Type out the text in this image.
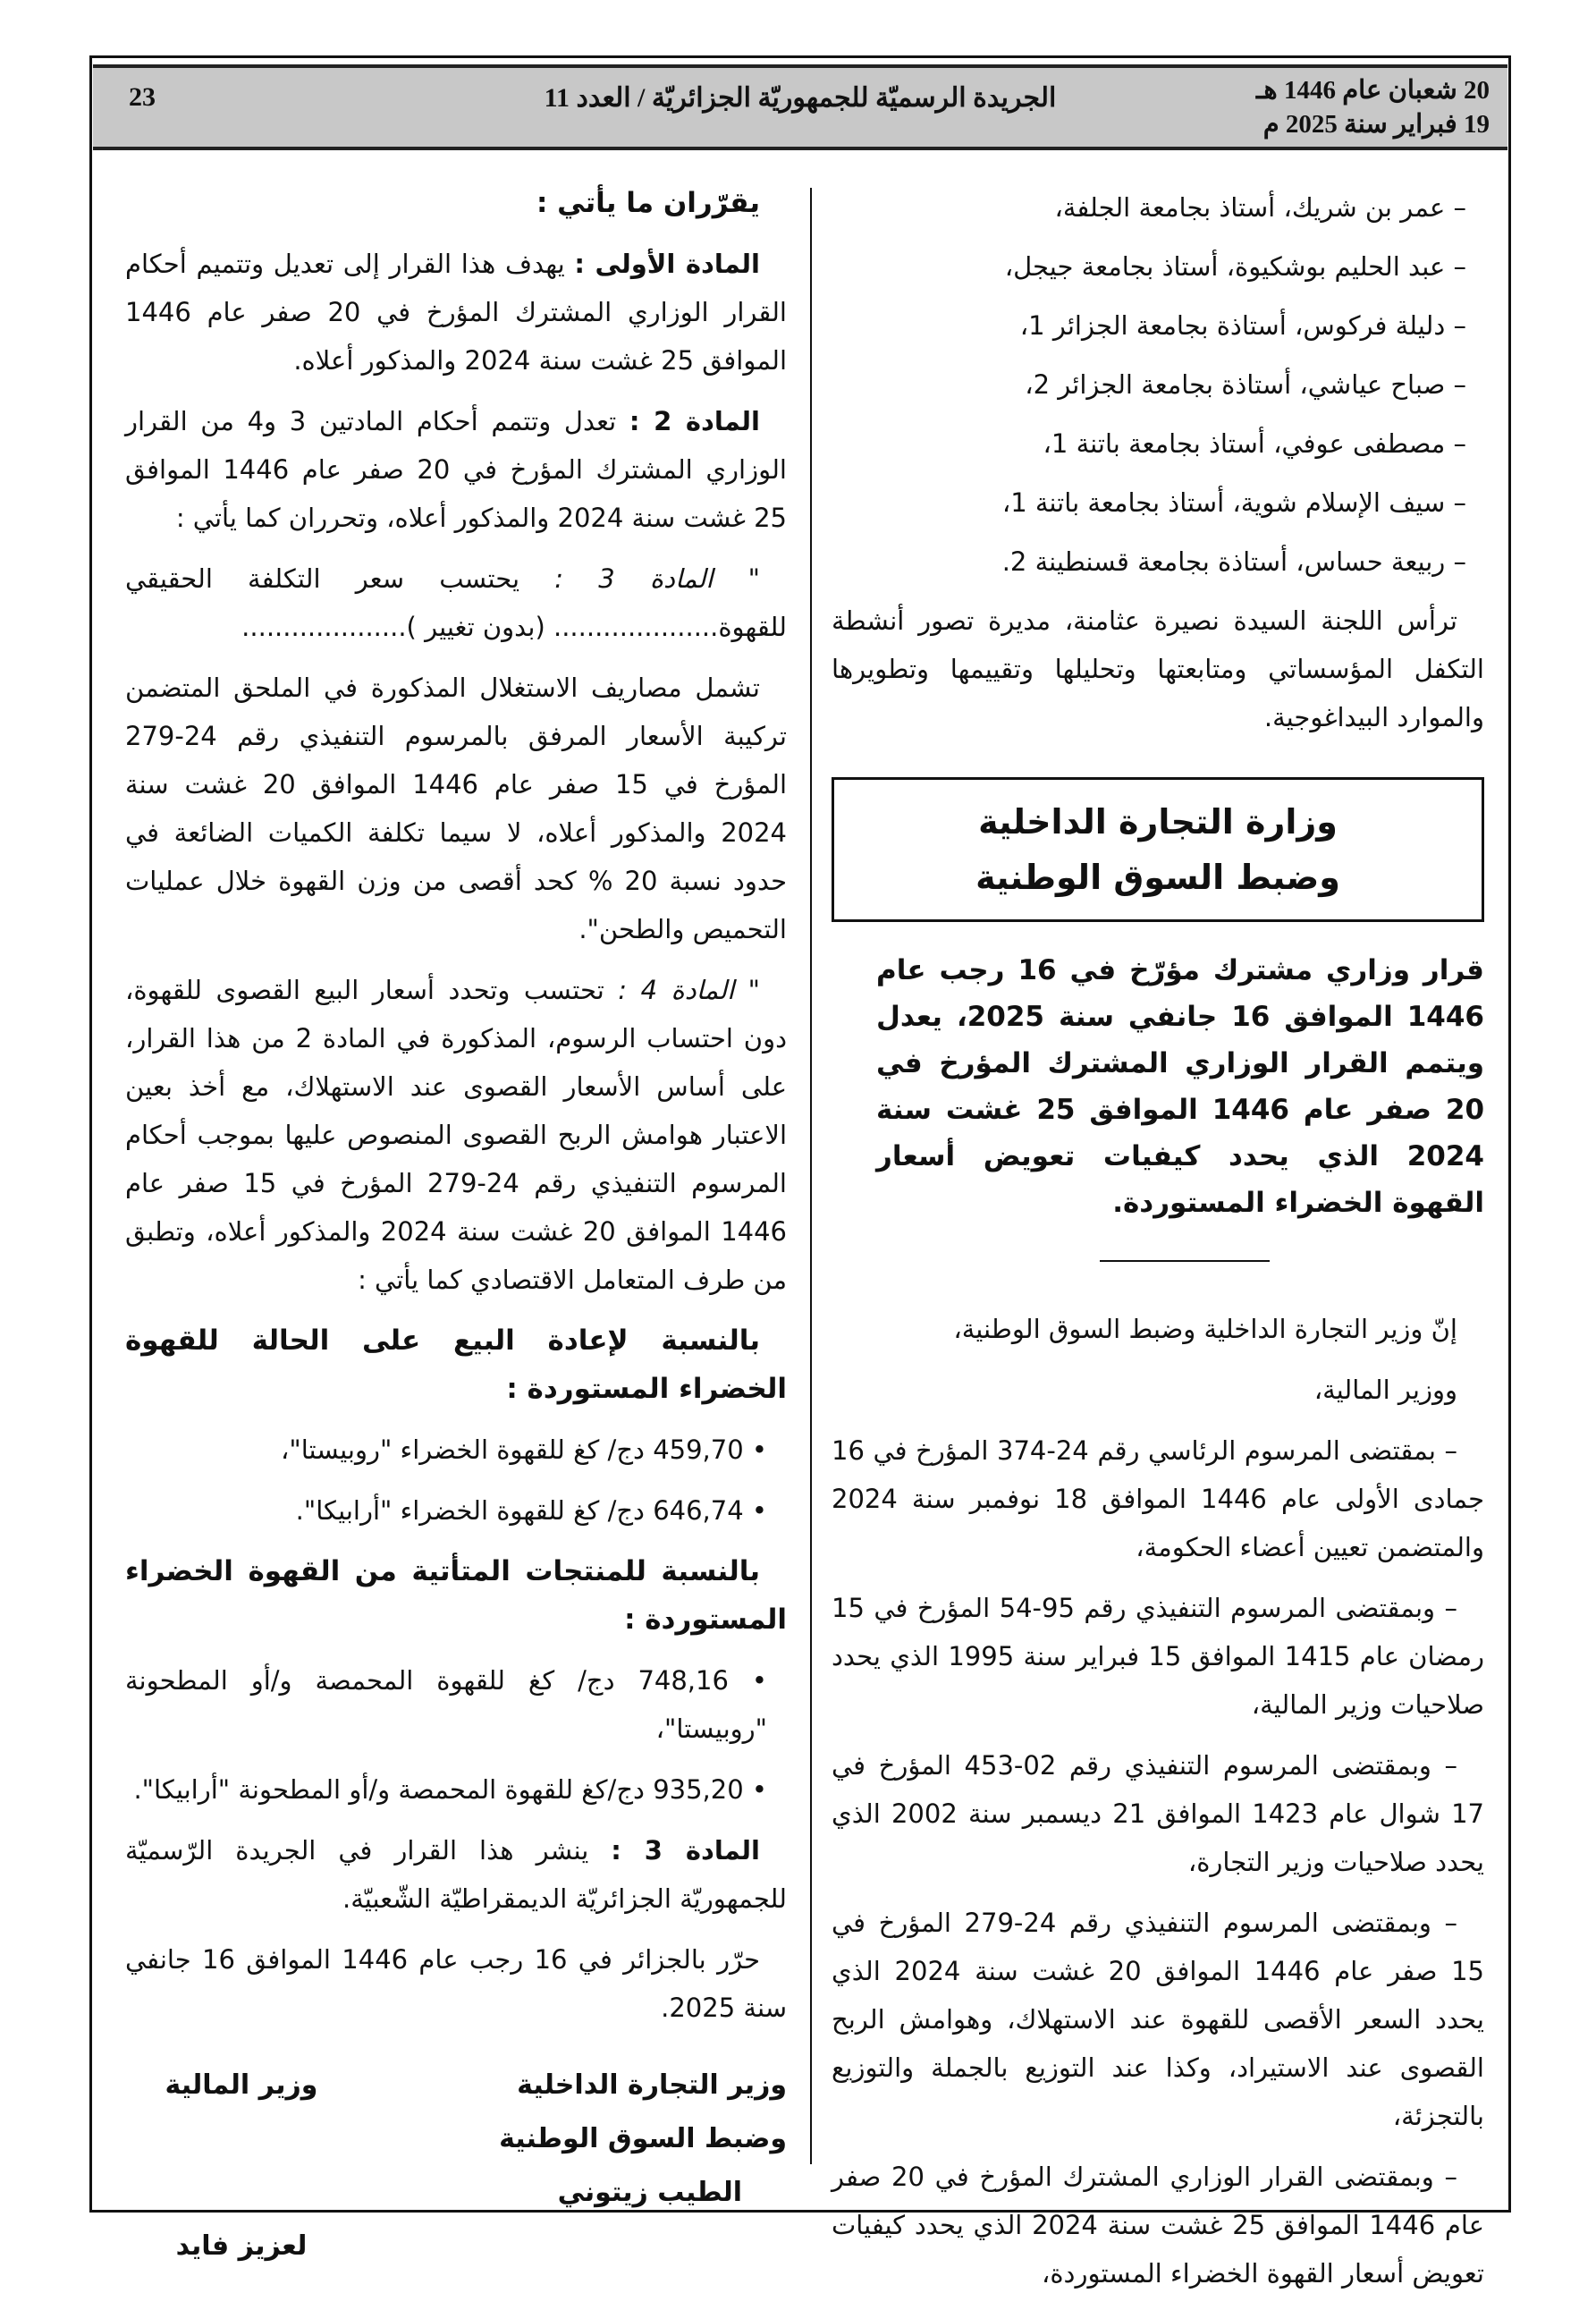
23	الجريدة الرسميّة للجمهوريّة الجزائريّة / العدد 11	20 شعبان عام 1446 هـ
19 فبراير سنة 2025 م

– عمر بن شريك، أستاذ بجامعة الجلفة،

– عبد الحليم بوشكيوة، أستاذ بجامعة جيجل،

– دليلة فركوس، أستاذة بجامعة الجزائر 1،

– صباح عياشي، أستاذة بجامعة الجزائر 2،

– مصطفى عوفي، أستاذ بجامعة باتنة 1،

– سيف الإسلام شوية، أستاذ بجامعة باتنة 1،

– ربيعة حساس، أستاذة بجامعة قسنطينة 2.

ترأس اللجنة السيدة نصيرة عثامنة، مديرة تصور أنشطة التكفل المؤسساتي ومتابعتها وتحليلها وتقييمها وتطويرها والموارد البيداغوجية.

وزارة التجارة الداخلية
وضبط السوق الوطنية

قرار وزاري مشترك مؤرّخ في 16 رجب عام 1446 الموافق 16 جانفي سنة 2025، يعدل ويتمم القرار الوزاري المشترك المؤرخ في 20 صفر عام 1446 الموافق 25 غشت سنة 2024 الذي يحدد كيفيات تعويض أسعار القهوة الخضراء المستوردة.

إنّ وزير التجارة الداخلية وضبط السوق الوطنية،

ووزير المالية،

– بمقتضى المرسوم الرئاسي رقم 24-374 المؤرخ في 16 جمادى الأولى عام 1446 الموافق 18 نوفمبر سنة 2024 والمتضمن تعيين أعضاء الحكومة،

– وبمقتضى المرسوم التنفيذي رقم 95-54 المؤرخ في 15 رمضان عام 1415 الموافق 15 فبراير سنة 1995 الذي يحدد صلاحيات وزير المالية،

– وبمقتضى المرسوم التنفيذي رقم 02-453 المؤرخ في 17 شوال عام 1423 الموافق 21 ديسمبر سنة 2002 الذي يحدد صلاحيات وزير التجارة،

– وبمقتضى المرسوم التنفيذي رقم 24-279 المؤرخ في 15 صفر عام 1446 الموافق 20 غشت سنة 2024 الذي يحدد السعر الأقصى للقهوة عند الاستهلاك، وهوامش الربح القصوى عند الاستيراد، وكذا عند التوزيع بالجملة والتوزيع بالتجزئة،

– وبمقتضى القرار الوزاري المشترك المؤرخ في 20 صفر عام 1446 الموافق 25 غشت سنة 2024 الذي يحدد كيفيات تعويض أسعار القهوة الخضراء المستوردة،

يقرّران ما يأتي :

المادة الأولى : يهدف هذا القرار إلى تعديل وتتميم أحكام القرار الوزاري المشترك المؤرخ في 20 صفر عام 1446 الموافق 25 غشت سنة 2024 والمذكور أعلاه.

المادة 2 : تعدل وتتمم أحكام المادتين 3 و4 من القرار الوزاري المشترك المؤرخ في 20 صفر عام 1446 الموافق 25 غشت سنة 2024 والمذكور أعلاه، وتحرران كما يأتي :

" المادة 3 : يحتسب سعر التكلفة الحقيقي للقهوة.................... (بدون تغيير )....................

تشمل مصاريف الاستغلال المذكورة في الملحق المتضمن تركيبة الأسعار المرفق بالمرسوم التنفيذي رقم 24-279 المؤرخ في 15 صفر عام 1446 الموافق 20 غشت سنة 2024 والمذكور أعلاه، لا سيما تكلفة الكميات الضائعة في حدود نسبة 20 % كحد أقصى من وزن القهوة خلال عمليات التحميص والطحن".

" المادة 4 : تحتسب وتحدد أسعار البيع القصوى للقهوة، دون احتساب الرسوم، المذكورة في المادة 2 من هذا القرار، على أساس الأسعار القصوى عند الاستهلاك، مع أخذ بعين الاعتبار هوامش الربح القصوى المنصوص عليها بموجب أحكام المرسوم التنفيذي رقم 24-279 المؤرخ في 15 صفر عام 1446 الموافق 20 غشت سنة 2024 والمذكور أعلاه، وتطبق من طرف المتعامل الاقتصادي كما يأتي :

بالنسبة لإعادة البيع على الحالة للقهوة الخضراء المستوردة :

• 459,70 دج/ كغ للقهوة الخضراء "روبيستا"،

• 646,74 دج/ كغ للقهوة الخضراء "أرابيكا".

بالنسبة للمنتجات المتأتية من القهوة الخضراء المستوردة :

• 748,16 دج/ كغ للقهوة المحمصة و/أو المطحونة "روبيستا"،

• 935,20 دج/كغ للقهوة المحمصة و/أو المطحونة "أرابيكا".

المادة 3 : ينشر هذا القرار في الجريدة الرّسميّة للجمهوريّة الجزائريّة الديمقراطيّة الشّعبيّة.

حرّر بالجزائر في 16 رجب عام 1446 الموافق 16 جانفي سنة 2025.

وزير التجارة الداخلية
وضبط السوق الوطنية
الطيب زيتوني
وزير المالية
لعزيز فايد
